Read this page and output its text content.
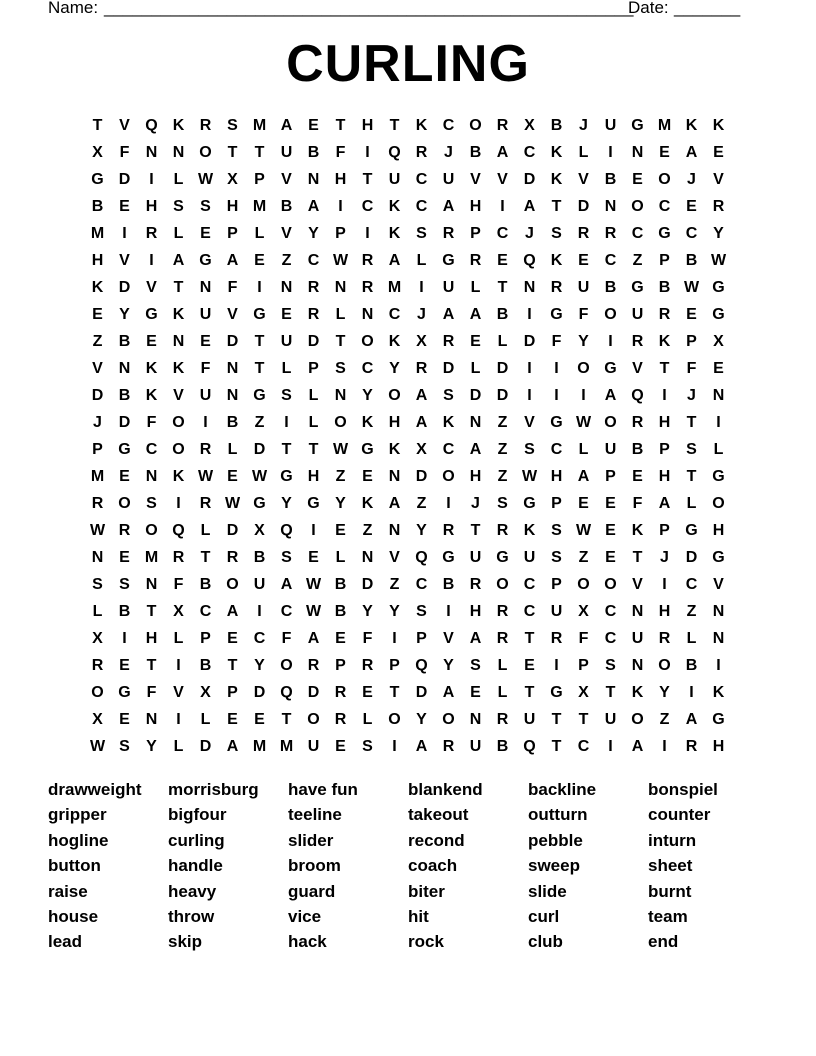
Name: ________________________________________________________
Date: _______
CURLING
T	V Q K R S M A E	T	H	T	K C O R X B	J	U G M K K
X	F	N N O T	T	U B	F	I	Q R	J	B A C K	L	I	N E A E
G D	I	L W X	P	V N H	T	U C U V	V D K V B E O	J	V
B E H S	S H M B A	I	C K C A H	I	A	T	D N O C E R
M	I	R	L	E	P	L	V	Y	P	I	K S R P C	J	S R R C G C Y
H V	I	A G A E	Z	C W R A	L G R E Q K E C	Z	P B W
K D V	T	N	F	I	N R N R M	I	U	L	T	N R U B G B W G
E	Y G K U V G E R	L	N C	J	A A B	I	G F O U R E G
Z	B E N E D	T	U D	T O K X R E	L	D	F	Y	I	R K P	X
V N K K	F	N	T	L	P	S C Y R D	L	D	I	I	O G V	T	F	E
D B K V U N G S	L	N Y O A S D D	I	I	I	A Q	I	J	N
J	D	F O	I	B	Z	I	L O K H A K N	Z	V G W O R H	T	I
P G C O R	L	D	T	T W G K X C A	Z	S C	L	U B P	S	L
M E N K W E W G H	Z	E N D O H	Z W H A P	E H	T G
R O S	I	R W G Y G Y K A	Z	I	J	S G P	E	E	F	A	L O
W R O Q L	D X Q	I	E	Z	N Y R	T	R K S W E K P G H
N E M R	T	R B S	E	L	N V Q G U G U S	Z	E	T	J	D G
S	S N	F	B O U A W B D	Z	C B R O C P O O V	I	C V
L	B	T	X C A	I	C W B Y	Y	S	I	H R C U X C N H	Z	N
X	I	H	L	P	E C	F	A E	F	I	P	V A R	T	R	F	C U R	L	N
R E	T	I	B	T	Y O R P R P Q Y	S	L	E	I	P	S N O B	I
O G F	V	X	P D Q D R E	T	D A E	L	T G X	T	K Y	I	K
X	E N	I	L	E	E	T O R	L O Y O N R U	T	T	U O Z	A G
W S	Y	L	D A M M U E	S	I	A R U B Q T	C	I	A	I	R H
drawweight	morrisburg	have fun	blankend	backline	bonspiel
gripper	bigfour	teeline	takeout	outturn	counter
hogline	curling	slider	recond	pebble	inturn
button	handle	broom	coach	sweep	sheet
raise	heavy	guard	biter	slide	burnt
house	throw	vice	hit	curl	team
lead	skip	hack	rock	club	end
